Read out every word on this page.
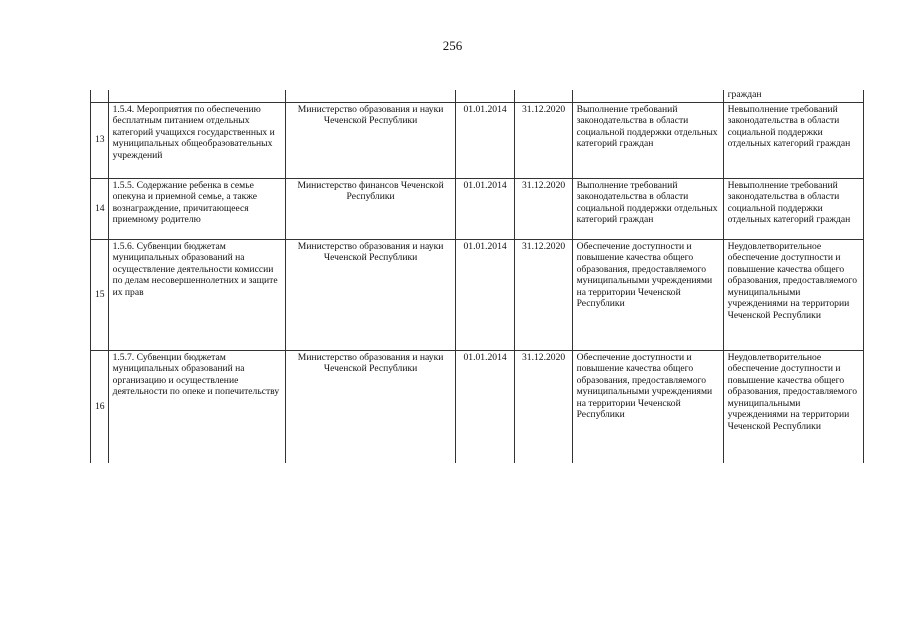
256
						граждан
13	1.5.4. Мероприятия по обеспечению бесплатным питанием отдельных категорий учащихся государственных и муниципальных общеобразовательных учреждений	Министерство образования и науки Чеченской Республики	01.01.2014	31.12.2020	Выполнение требований законодательства в области социальной поддержки отдельных категорий граждан	Невыполнение требований законодательства в области социальной поддержки отдельных категорий граждан
14	1.5.5. Содержание ребенка в семье опекуна и приемной семье, а также вознаграждение, причитающееся приемному родителю	Министерство финансов Чеченской Республики	01.01.2014	31.12.2020	Выполнение требований законодательства в области социальной поддержки отдельных категорий граждан	Невыполнение требований законодательства в области социальной поддержки отдельных категорий граждан
15	1.5.6. Субвенции бюджетам муниципальных образований на осуществление деятельности комиссии по делам несовершеннолетних и защите их прав	Министерство образования и науки Чеченской Республики	01.01.2014	31.12.2020	Обеспечение доступности и повышение качества общего образования, предоставляемого муниципальными учреждениями на территории Чеченской Республики	Неудовлетворительное обеспечение доступности и повышение качества общего образования, предоставляемого муниципальными учреждениями на территории Чеченской Республики
16	1.5.7. Субвенции бюджетам муниципальных образований на организацию и осуществление деятельности по опеке и попечительству	Министерство образования и науки Чеченской Республики	01.01.2014	31.12.2020	Обеспечение доступности и повышение качества общего образования, предоставляемого муниципальными учреждениями на территории Чеченской Республики	Неудовлетворительное обеспечение доступности и повышение качества общего образования, предоставляемого муниципальными учреждениями на территории Чеченской Республики
